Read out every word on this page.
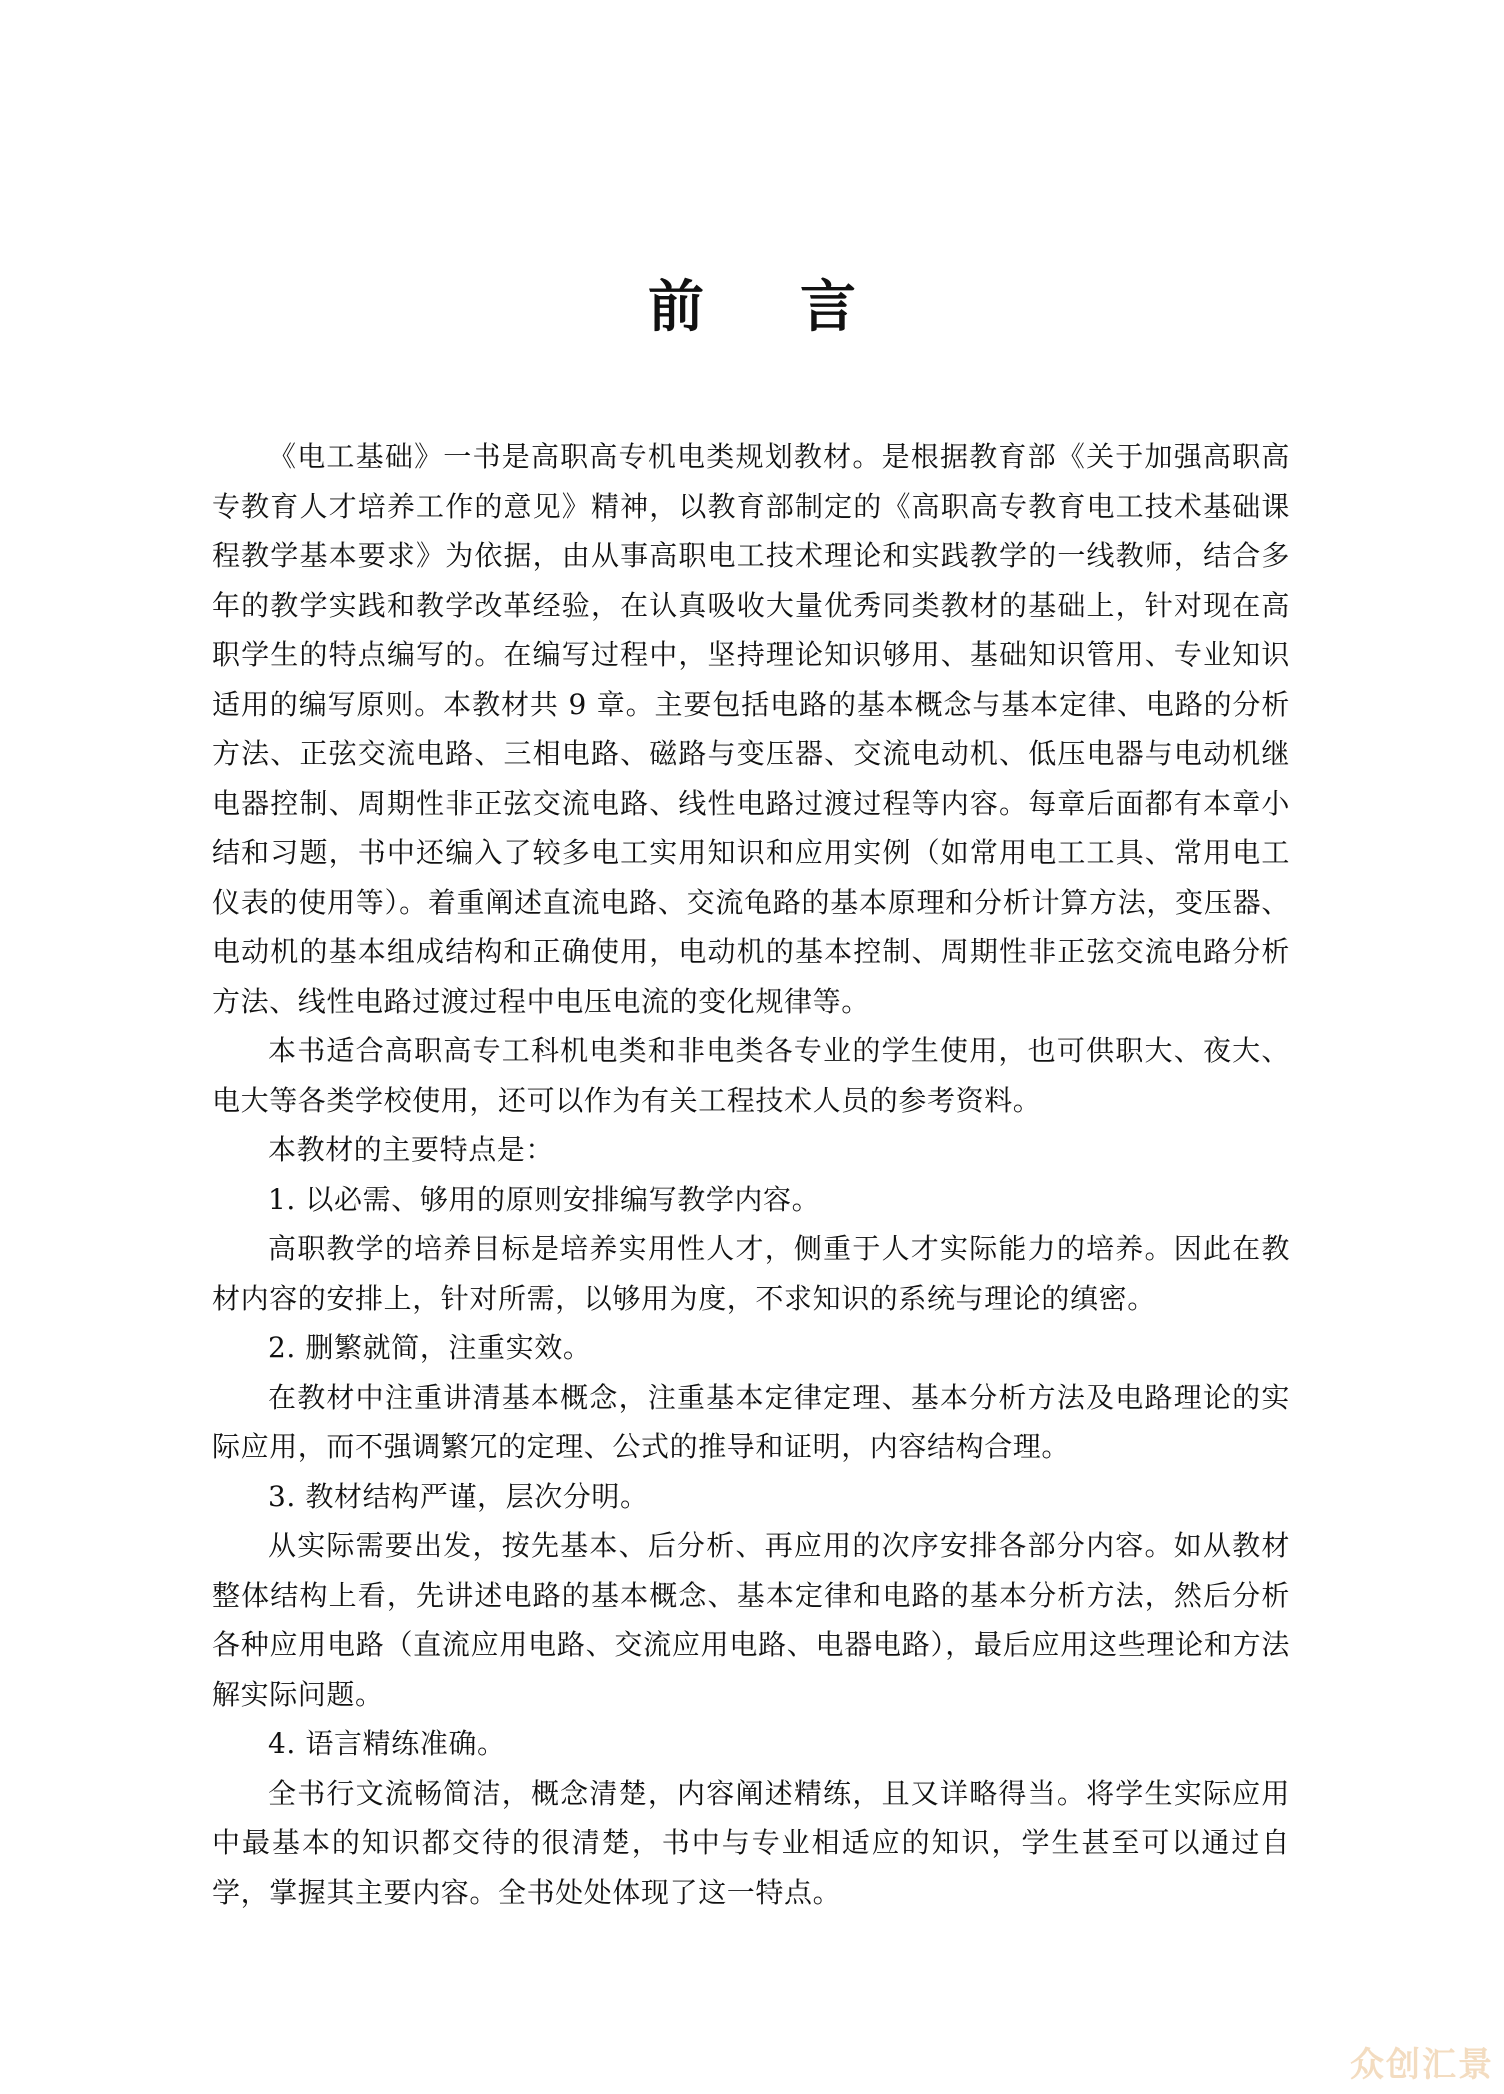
前 言

《电工基础》一书是高职高专机电类规划教材。是根据教育部《关于加强高职高专教育人才培养工作的意见》精神，以教育部制定的《高职高专教育电工技术基础课程教学基本要求》为依据，由从事高职电工技术理论和实践教学的一线教师，结合多年的教学实践和教学改革经验，在认真吸收大量优秀同类教材的基础上，针对现在高职学生的特点编写的。在编写过程中，坚持理论知识够用、基础知识管用、专业知识适用的编写原则。本教材共 9 章。主要包括电路的基本概念与基本定律、电路的分析方法、正弦交流电路、三相电路、磁路与变压器、交流电动机、低压电器与电动机继电器控制、周期性非正弦交流电路、线性电路过渡过程等内容。每章后面都有本章小结和习题，书中还编入了较多电工实用知识和应用实例（如常用电工工具、常用电工仪表的使用等）。着重阐述直流电路、交流龟路的基本原理和分析计算方法，变压器、电动机的基本组成结构和正确使用，电动机的基本控制、周期性非正弦交流电路分析方法、线性电路过渡过程中电压电流的变化规律等。

本书适合高职高专工科机电类和非电类各专业的学生使用，也可供职大、夜大、电大等各类学校使用，还可以作为有关工程技术人员的参考资料。

本教材的主要特点是：

1. 以必需、够用的原则安排编写教学内容。

高职教学的培养目标是培养实用性人才，侧重于人才实际能力的培养。因此在教材内容的安排上，针对所需，以够用为度，不求知识的系统与理论的缜密。

2. 删繁就简，注重实效。

在教材中注重讲清基本概念，注重基本定律定理、基本分析方法及电路理论的实际应用，而不强调繁冗的定理、公式的推导和证明，内容结构合理。

3. 教材结构严谨，层次分明。

从实际需要出发，按先基本、后分析、再应用的次序安排各部分内容。如从教材整体结构上看，先讲述电路的基本概念、基本定律和电路的基本分析方法，然后分析各种应用电路（直流应用电路、交流应用电路、电器电路），最后应用这些理论和方法解实际问题。

4. 语言精练准确。

全书行文流畅简洁，概念清楚，内容阐述精练，且又详略得当。将学生实际应用中最基本的知识都交待的很清楚，书中与专业相适应的知识，学生甚至可以通过自学，掌握其主要内容。全书处处体现了这一特点。

众创汇景
